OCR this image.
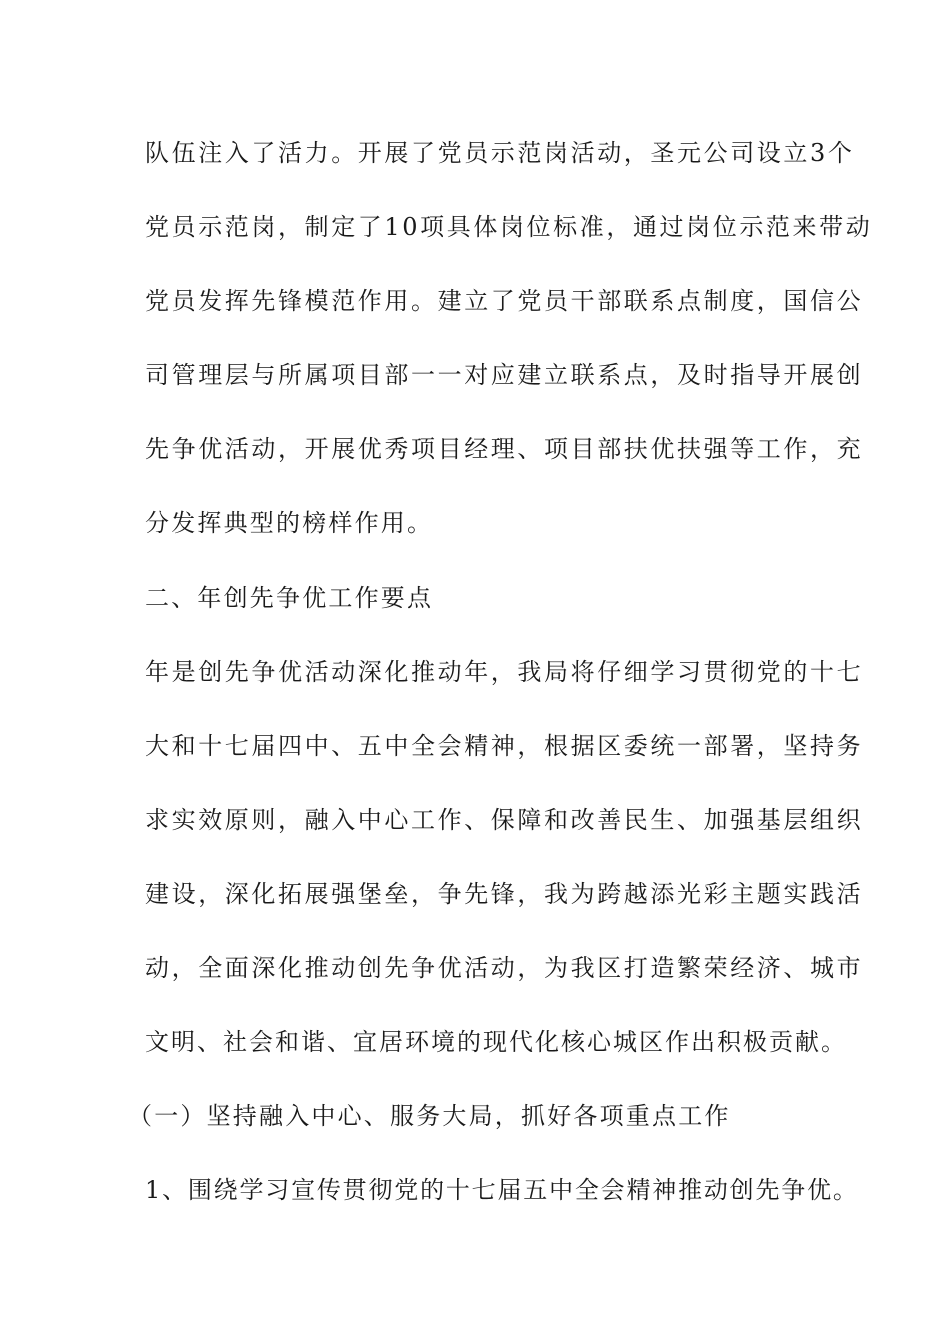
队伍注入了活力。开展了党员示范岗活动，圣元公司设立3个
党员示范岗，制定了10项具体岗位标准，通过岗位示范来带动
党员发挥先锋模范作用。建立了党员干部联系点制度，国信公
司管理层与所属项目部一一对应建立联系点，及时指导开展创
先争优活动，开展优秀项目经理、项目部扶优扶强等工作，充
分发挥典型的榜样作用。
二、年创先争优工作要点
年是创先争优活动深化推动年，我局将仔细学习贯彻党的十七
大和十七届四中、五中全会精神，根据区委统一部署，坚持务
求实效原则，融入中心工作、保障和改善民生、加强基层组织
建设，深化拓展强堡垒，争先锋，我为跨越添光彩主题实践活
动，全面深化推动创先争优活动，为我区打造繁荣经济、城市
文明、社会和谐、宜居环境的现代化核心城区作出积极贡献。
（一）坚持融入中心、服务大局，抓好各项重点工作
1、围绕学习宣传贯彻党的十七届五中全会精神推动创先争优。
